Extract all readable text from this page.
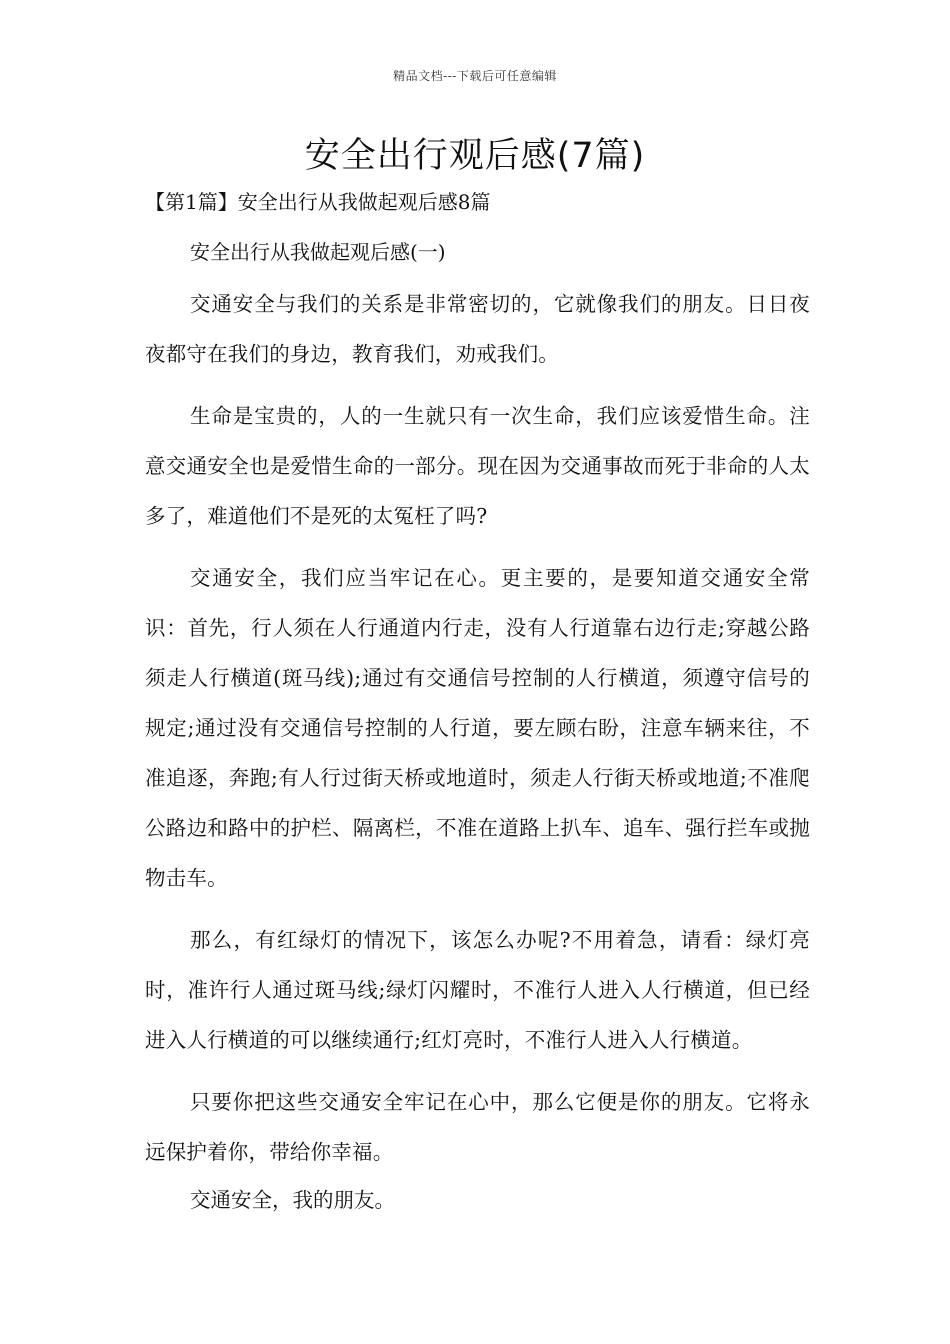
精品文档---下载后可任意编辑
安全出行观后感(7篇)
【第1篇】安全出行从我做起观后感8篇

安全出行从我做起观后感(一)

交通安全与我们的关系是非常密切的，它就像我们的朋友。日日夜夜都守在我们的身边，教育我们，劝戒我们。

生命是宝贵的，人的一生就只有一次生命，我们应该爱惜生命。注意交通安全也是爱惜生命的一部分。现在因为交通事故而死于非命的人太多了，难道他们不是死的太冤枉了吗?

交通安全，我们应当牢记在心。更主要的，是要知道交通安全常识：首先，行人须在人行通道内行走，没有人行道靠右边行走;穿越公路须走人行横道(斑马线);通过有交通信号控制的人行横道，须遵守信号的规定;通过没有交通信号控制的人行道，要左顾右盼，注意车辆来往，不准追逐，奔跑;有人行过街天桥或地道时，须走人行街天桥或地道;不准爬公路边和路中的护栏、隔离栏，不准在道路上扒车、追车、强行拦车或抛物击车。

那么，有红绿灯的情况下，该怎么办呢?不用着急，请看：绿灯亮时，准许行人通过斑马线;绿灯闪耀时，不准行人进入人行横道，但已经进入人行横道的可以继续通行;红灯亮时，不准行人进入人行横道。

只要你把这些交通安全牢记在心中，那么它便是你的朋友。它将永远保护着你，带给你幸福。

交通安全，我的朋友。
